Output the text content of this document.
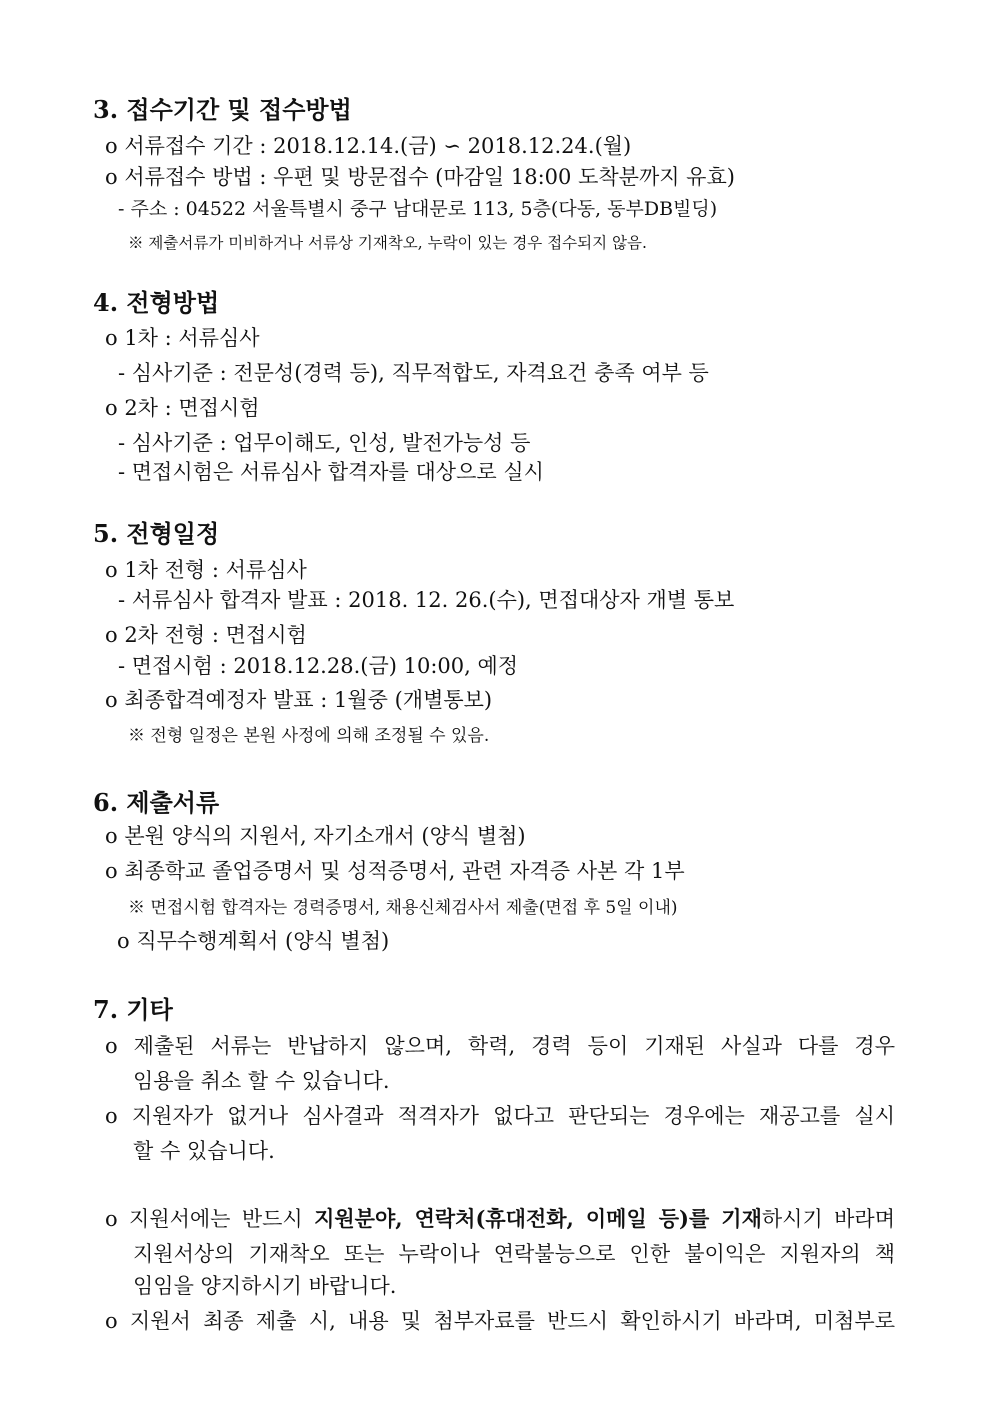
3. 접수기간 및 접수방법
o 서류접수 기간 : 2018.12.14.(금) ∽ 2018.12.24.(월)
o 서류접수 방법 : 우편 및 방문접수 (마감일 18:00 도착분까지 유효)
- 주소 : 04522 서울특별시 중구 남대문로 113, 5층(다동, 동부DB빌딩)
※ 제출서류가 미비하거나 서류상 기재착오, 누락이 있는 경우 접수되지 않음.
4. 전형방법
o 1차 : 서류심사
- 심사기준 : 전문성(경력 등), 직무적합도, 자격요건 충족 여부 등
o 2차 : 면접시험
- 심사기준 : 업무이해도, 인성, 발전가능성 등
- 면접시험은 서류심사 합격자를 대상으로 실시
5. 전형일정
o 1차 전형 : 서류심사
- 서류심사 합격자 발표 : 2018. 12. 26.(수), 면접대상자 개별 통보
o 2차 전형 : 면접시험
- 면접시험 : 2018.12.28.(금) 10:00, 예정
o 최종합격예정자 발표 : 1월중 (개별통보)
※ 전형 일정은 본원 사정에 의해 조정될 수 있음.
6. 제출서류
o 본원 양식의 지원서, 자기소개서 (양식 별첨)
o 최종학교 졸업증명서 및 성적증명서, 관련 자격증 사본 각 1부
※ 면접시험 합격자는 경력증명서, 채용신체검사서 제출(면접 후 5일 이내)
o 직무수행계획서 (양식 별첨)
7. 기타
o 제출된 서류는 반납하지 않으며, 학력, 경력 등이 기재된 사실과 다를 경우
임용을 취소 할 수 있습니다.
o 지원자가 없거나 심사결과 적격자가 없다고 판단되는 경우에는 재공고를 실시
할 수 있습니다.
o 지원서에는 반드시 지원분야, 연락처(휴대전화, 이메일 등)를 기재하시기 바라며
지원서상의 기재착오 또는 누락이나 연락불능으로 인한 불이익은 지원자의 책
임임을 양지하시기 바랍니다.
o 지원서 최종 제출 시, 내용 및 첨부자료를 반드시 확인하시기 바라며, 미첨부로
